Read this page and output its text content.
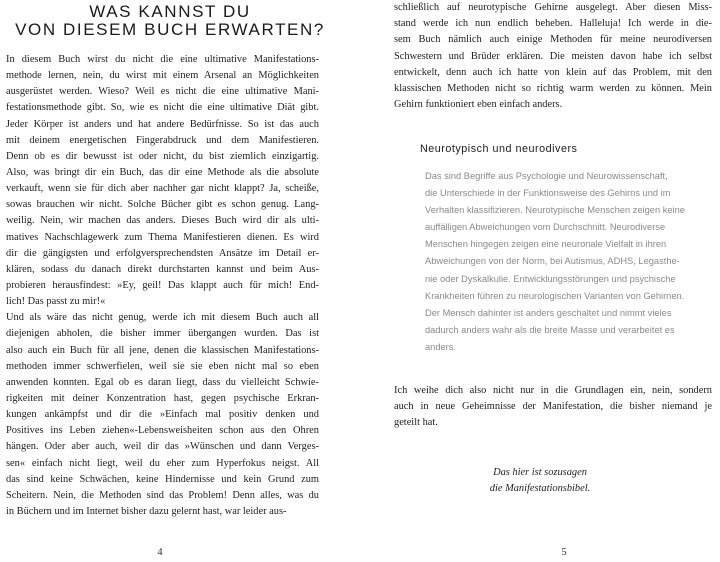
WAS KANNST DU
VON DIESEM BUCH ERWARTEN?
In diesem Buch wirst du nicht die eine ultimative Manifestations-
methode lernen, nein, du wirst mit einem Arsenal an Möglichkeiten
ausgerüstet werden. Wieso? Weil es nicht die eine ultimative Mani-
festationsmethode gibt. So, wie es nicht die eine ultimative Diät gibt.
Jeder Körper ist anders und hat andere Bedürfnisse. So ist das auch
mit deinem energetischen Fingerabdruck und dem Manifestieren.
Denn ob es dir bewusst ist oder nicht, du bist ziemlich einzigartig.
Also, was bringt dir ein Buch, das dir eine Methode als die absolute
verkauft, wenn sie für dich aber nachher gar nicht klappt? Ja, scheiße,
sowas brauchen wir nicht. Solche Bücher gibt es schon genug. Lang-
weilig. Nein, wir machen das anders. Dieses Buch wird dir als ulti-
matives Nachschlagewerk zum Thema Manifestieren dienen. Es wird
dir die gängigsten und erfolgversprechendsten Ansätze im Detail er-
klären, sodass du danach direkt durchstarten kannst und beim Aus-
probieren herausfindest: »Ey, geil! Das klappt auch für mich! End-
lich! Das passt zu mir!«
Und als wäre das nicht genug, werde ich mit diesem Buch auch all
diejenigen abholen, die bisher immer übergangen wurden. Das ist
also auch ein Buch für all jene, denen die klassischen Manifestations-
methoden immer schwerfielen, weil sie sie eben nicht mal so eben
anwenden konnten. Egal ob es daran liegt, dass du vielleicht Schwie-
rigkeiten mit deiner Konzentration hast, gegen psychische Erkran-
kungen ankämpfst und dir die »Einfach mal positiv denken und
Positives ins Leben ziehen«-Lebensweisheiten schon aus den Ohren
hängen. Oder aber auch, weil dir das »Wünschen und dann Verges-
sen« einfach nicht liegt, weil du eher zum Hyperfokus neigst. All
das sind keine Schwächen, keine Hindernisse und kein Grund zum
Scheitern. Nein, die Methoden sind das Problem! Denn alles, was du
in Büchern und im Internet bisher dazu gelernt hast, war leider aus-
4
schließlich auf neurotypische Gehirne ausgelegt. Aber diesen Miss-
stand werde ich nun endlich beheben. Halleluja! Ich werde in die-
sem Buch nämlich auch einige Methoden für meine neurodiversen
Schwestern und Brüder erklären. Die meisten davon habe ich selbst
entwickelt, denn auch ich hatte von klein auf das Problem, mit den
klassischen Methoden nicht so richtig warm werden zu können. Mein
Gehirn funktioniert eben einfach anders.
Neurotypisch und neurodivers
Das sind Begriffe aus Psychologie und Neurowissenschaft,
die Unterschiede in der Funktionsweise des Gehirns und im
Verhalten klassifizieren. Neurotypische Menschen zeigen keine
auffälligen Abweichungen vom Durchschnitt. Neurodiverse
Menschen hingegen zeigen eine neuronale Vielfalt in ihren
Abweichungen von der Norm, bei Autismus, ADHS, Legasthe-
nie oder Dyskalkulie. Entwicklungsstörungen und psychische
Krankheiten führen zu neurologischen Varianten von Gehirnen.
Der Mensch dahinter ist anders geschaltet und nimmt vieles
dadurch anders wahr als die breite Masse und verarbeitet es
anders.
Ich weihe dich also nicht nur in die Grundlagen ein, nein, sondern
auch in neue Geheimnisse der Manifestation, die bisher niemand je
geteilt hat.
Das hier ist sozusagen
die Manifestationsbibel.
5
